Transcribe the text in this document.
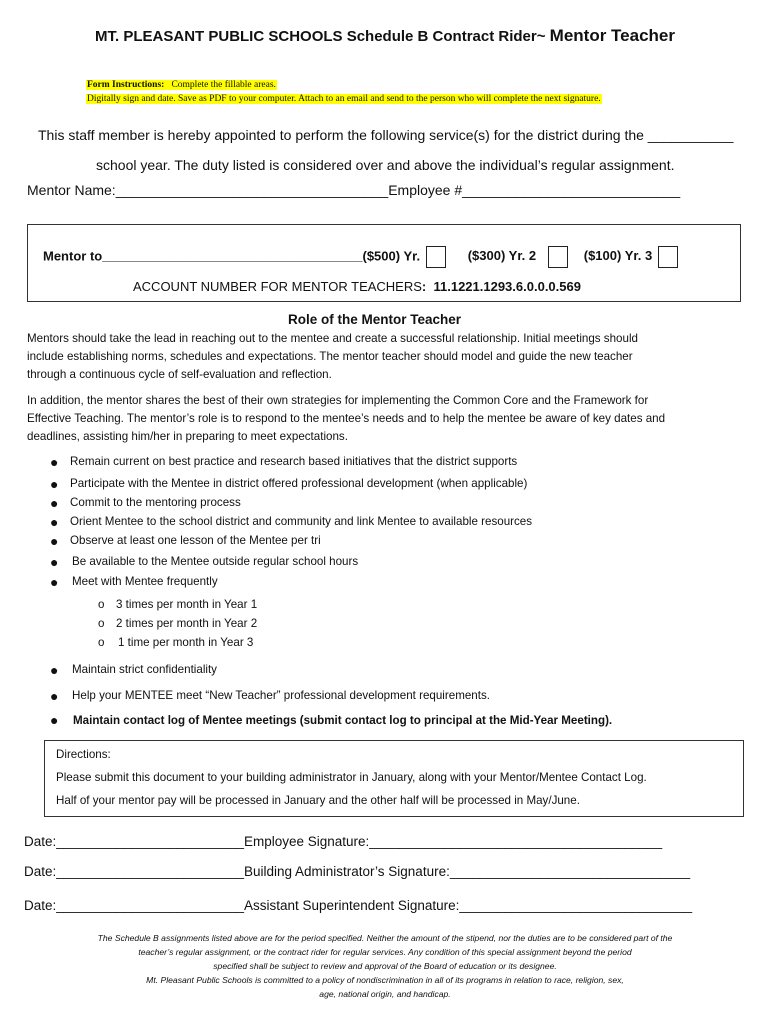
MT. PLEASANT PUBLIC SCHOOLS Schedule B Contract Rider~ Mentor Teacher
Form Instructions: Complete the fillable areas.
Digitally sign and date. Save as PDF to your computer. Attach to an email and send to the person who will complete the next signature.
This staff member is hereby appointed to perform the following service(s) for the district during the ___________
school year. The duty listed is considered over and above the individual’s regular assignment.
Mentor Name:___________________________________Employee #____________________________
Mentor to____________________________________($500) Yr.	($300) Yr. 2	($100) Yr. 3
ACCOUNT NUMBER FOR MENTOR TEACHERS:  11.1221.1293.6.0.0.0.569
Role of the Mentor Teacher
Mentors should take the lead in reaching out to the mentee and create a successful relationship. Initial meetings should
include establishing norms, schedules and expectations. The mentor teacher should model and guide the new teacher
through a continuous cycle of self-evaluation and reflection.
In addition, the mentor shares the best of their own strategies for implementing the Common Core and the Framework for
Effective Teaching. The mentor’s role is to respond to the mentee’s needs and to help the mentee be aware of key dates and
deadlines, assisting him/her in preparing to meet expectations.
● Remain current on best practice and research based initiatives that the district supports
● Participate with the Mentee in district offered professional development (when applicable)
● Commit to the mentoring process
● Orient Mentee to the school district and community and link Mentee to available resources
● Observe at least one lesson of the Mentee per tri
● Be available to the Mentee outside regular school hours
● Meet with Mentee frequently
o 3 times per month in Year 1
o 2 times per month in Year 2
o 1 time per month in Year 3
● Maintain strict confidentiality
● Help your MENTEE meet “New Teacher” professional development requirements.
● Maintain contact log of Mentee meetings (submit contact log to principal at the Mid-Year Meeting).
Directions:
Please submit this document to your building administrator in January, along with your Mentor/Mentee Contact Log.
Half of your mentor pay will be processed in January and the other half will be processed in May/June.
Date:_________________________Employee Signature:_______________________________________
Date:_________________________Building Administrator’s Signature:________________________________
Date:_________________________Assistant Superintendent Signature:_______________________________
The Schedule B assignments listed above are for the period specified. Neither the amount of the stipend, nor the duties are to be considered part of the
teacher’s regular assignment, or the contract rider for regular services. Any condition of this special assignment beyond the period
specified shall be subject to review and approval of the Board of education or its designee.
Mt. Pleasant Public Schools is committed to a policy of nondiscrimination in all of its programs in relation to race, religion, sex,
age, national origin, and handicap.
